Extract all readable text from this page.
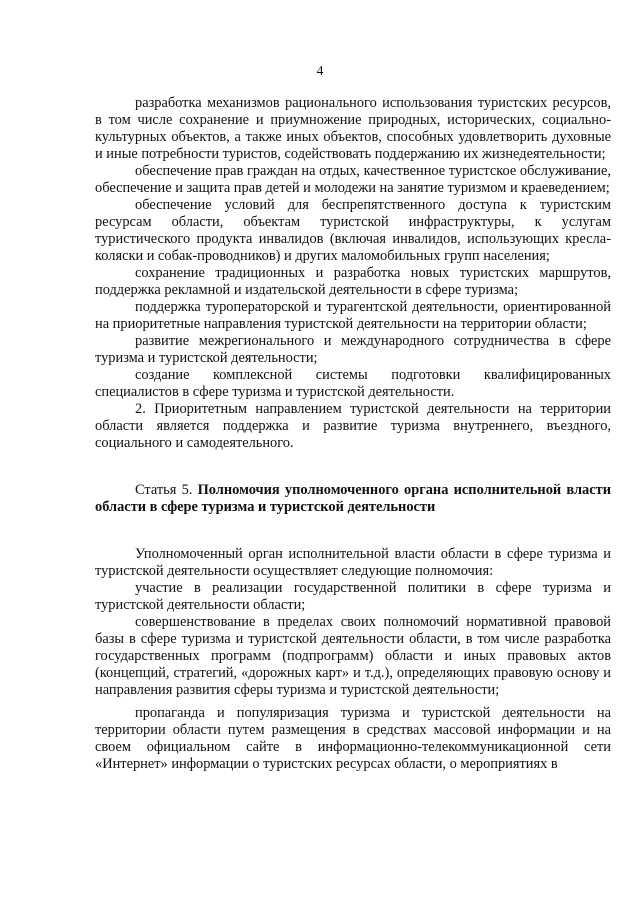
4

разработка механизмов рационального использования туристских ресурсов, в том числе сохранение и приумножение природных, исторических, социально-культурных объектов, а также иных объектов, способных удовлетворить духовные и иные потребности туристов, содействовать поддержанию их жизнедеятельности;

обеспечение прав граждан на отдых, качественное туристское обслуживание, обеспечение и защита прав детей и молодежи на занятие туризмом и краеведением;

обеспечение условий для беспрепятственного доступа к туристским ресурсам области, объектам туристской инфраструктуры, к услугам туристического продукта инвалидов (включая инвалидов, использующих кресла-коляски и собак-проводников) и других маломобильных групп населения;

сохранение традиционных и разработка новых туристских маршрутов, поддержка рекламной и издательской деятельности в сфере туризма;

поддержка туроператорской и турагентской деятельности, ориентированной на приоритетные направления туристской деятельности на территории области;

развитие межрегионального и международного сотрудничества в сфере туризма и туристской деятельности;

создание комплексной системы подготовки квалифицированных специалистов в сфере туризма и туристской деятельности.

2. Приоритетным направлением туристской деятельности на территории области является поддержка и развитие туризма внутреннего, въездного, социального и самодеятельного.

Статья 5. Полномочия уполномоченного органа исполнительной власти области в сфере туризма и туристской деятельности

Уполномоченный орган исполнительной власти области в сфере туризма и туристской деятельности осуществляет следующие полномочия:

участие в реализации государственной политики в сфере туризма и туристской деятельности области;

совершенствование в пределах своих полномочий нормативной правовой базы в сфере туризма и туристской деятельности области, в том числе разработка государственных программ (подпрограмм) области и иных правовых актов (концепций, стратегий, «дорожных карт» и т.д.), определяющих правовую основу и направления развития сферы туризма и туристской деятельности;

пропаганда и популяризация туризма и туристской деятельности на территории области путем размещения в средствах массовой информации и на своем официальном сайте в информационно-телекоммуникационной сети «Интернет» информации о туристских ресурсах области, о мероприятиях в
